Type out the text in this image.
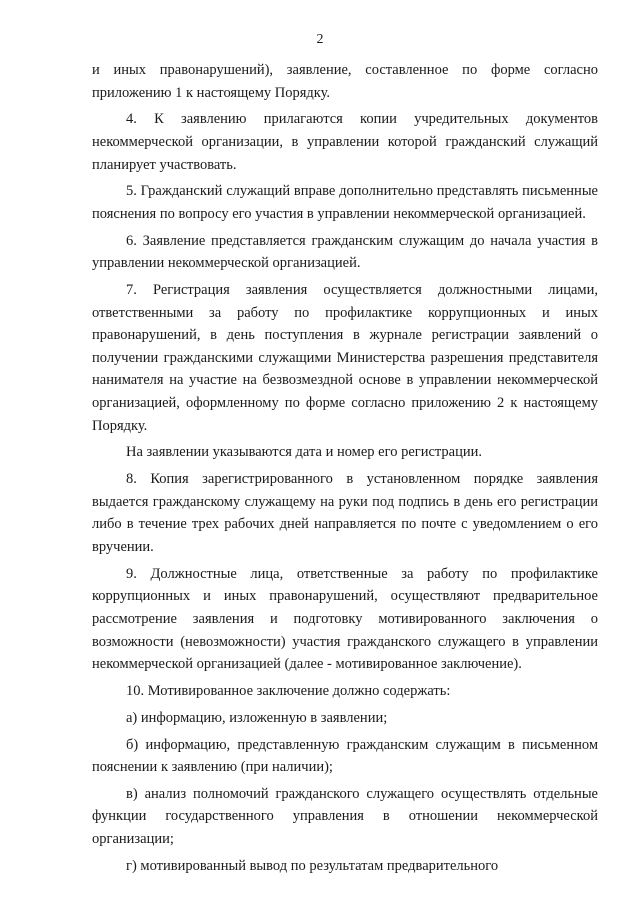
2

и иных правонарушений), заявление, составленное по форме согласно приложению 1 к настоящему Порядку.

4. К заявлению прилагаются копии учредительных документов некоммерческой организации, в управлении которой гражданский служащий планирует участвовать.

5. Гражданский служащий вправе дополнительно представлять письменные пояснения по вопросу его участия в управлении некоммерческой организацией.

6. Заявление представляется гражданским служащим до начала участия в управлении некоммерческой организацией.

7. Регистрация заявления осуществляется должностными лицами, ответственными за работу по профилактике коррупционных и иных правонарушений, в день поступления в журнале регистрации заявлений о получении гражданскими служащими Министерства разрешения представителя нанимателя на участие на безвозмездной основе в управлении некоммерческой организацией, оформленному по форме согласно приложению 2 к настоящему Порядку.

На заявлении указываются дата и номер его регистрации.

8. Копия зарегистрированного в установленном порядке заявления выдается гражданскому служащему на руки под подпись в день его регистрации либо в течение трех рабочих дней направляется по почте с уведомлением о его вручении.

9. Должностные лица, ответственные за работу по профилактике коррупционных и иных правонарушений, осуществляют предварительное рассмотрение заявления и подготовку мотивированного заключения о возможности (невозможности) участия гражданского служащего в управлении некоммерческой организацией (далее - мотивированное заключение).

10. Мотивированное заключение должно содержать:

а) информацию, изложенную в заявлении;

б) информацию, представленную гражданским служащим в письменном пояснении к заявлению (при наличии);

в) анализ полномочий гражданского служащего осуществлять отдельные функции государственного управления в отношении некоммерческой организации;

г) мотивированный вывод по результатам предварительного
